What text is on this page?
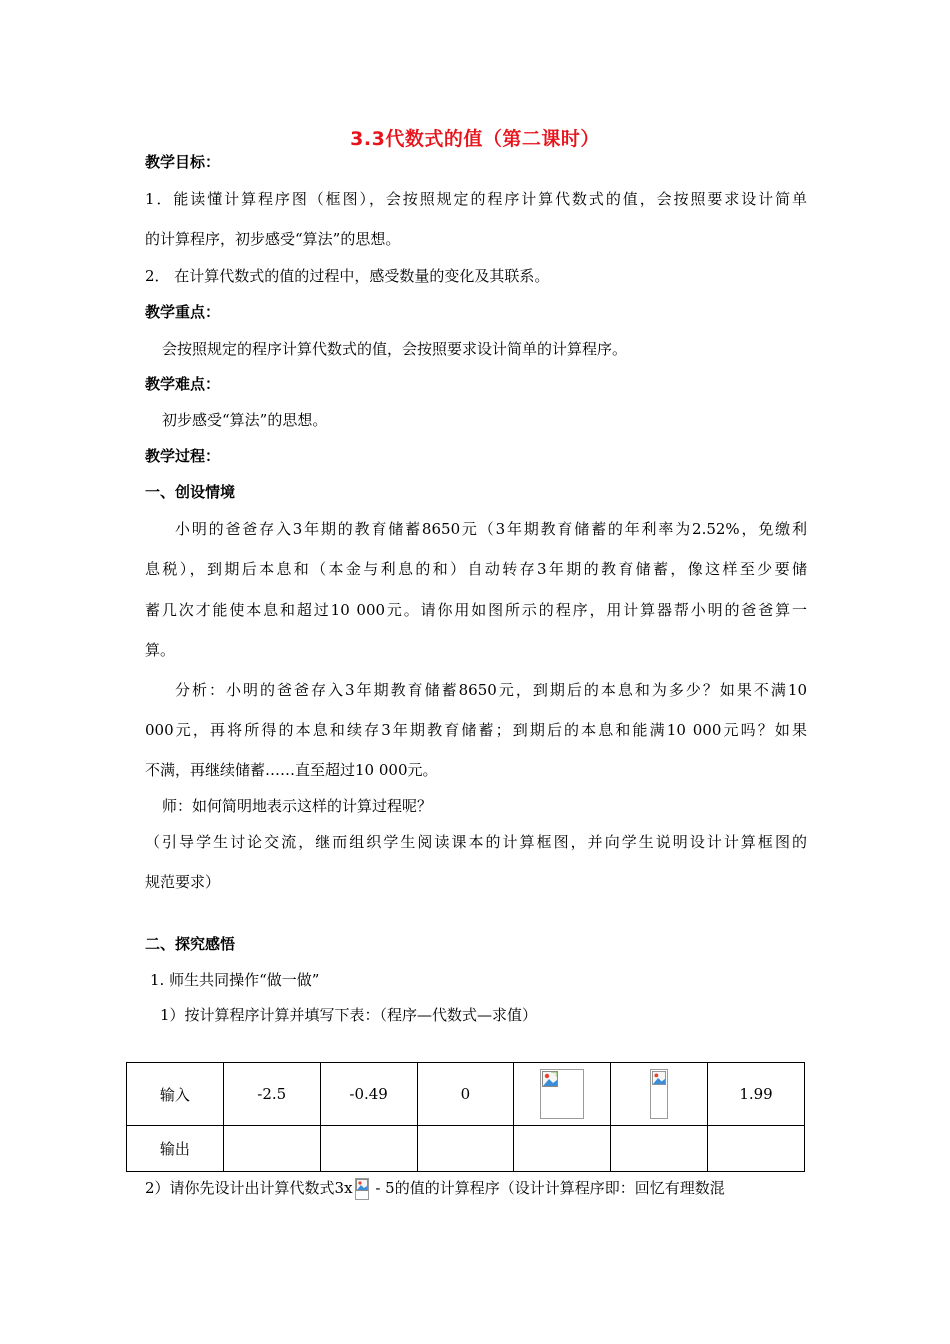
3.3代数式的值（第二课时）
教学目标：
1．能读懂计算程序图（框图），会按照规定的程序计算代数式的值，会按照要求设计简单
的计算程序，初步感受“算法”的思想。
2． 在计算代数式的值的过程中，感受数量的变化及其联系。
教学重点：
会按照规定的程序计算代数式的值，会按照要求设计简单的计算程序。
教学难点：
初步感受“算法”的思想。
教学过程：
一、创设情境
小明的爸爸存入3年期的教育储蓄8650元（3年期教育储蓄的年利率为2.52%，免缴利
息税），到期后本息和（本金与利息的和）自动转存3年期的教育储蓄，像这样至少要储
蓄几次才能使本息和超过10 000元。请你用如图所示的程序，用计算器帮小明的爸爸算一
算。
分析：小明的爸爸存入3年期教育储蓄8650元，到期后的本息和为多少？如果不满10
000元，再将所得的本息和续存3年期教育储蓄；到期后的本息和能满10 000元吗？如果
不满，再继续储蓄……直至超过10 000元。
师：如何简明地表示这样的计算过程呢？
（引导学生讨论交流，继而组织学生阅读课本的计算框图，并向学生说明设计计算框图的
规范要求）
二、探究感悟
1. 师生共同操作“做一做”
1）按计算程序计算并填写下表：（程序—代数式—求值）
输入	-2.5	-0.49	0			1.99
输出						
2）请你先设计出计算代数式3x
- 5的值的计算程序（设计计算程序即：回忆有理数混
